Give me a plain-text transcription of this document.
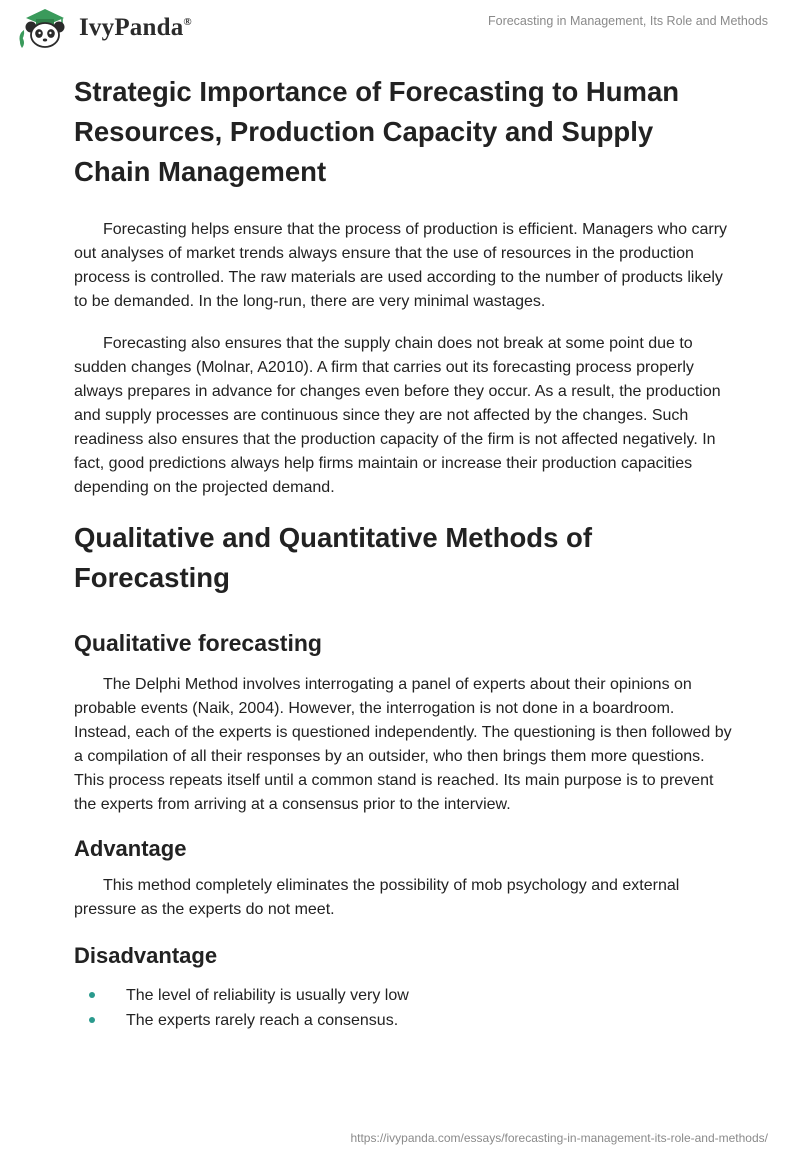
IvyPanda®	Forecasting in Management, Its Role and Methods
Strategic Importance of Forecasting to Human Resources, Production Capacity and Supply Chain Management

Forecasting helps ensure that the process of production is efficient. Managers who carry out analyses of market trends always ensure that the use of resources in the production process is controlled. The raw materials are used according to the number of products likely to be demanded. In the long-run, there are very minimal wastages.

Forecasting also ensures that the supply chain does not break at some point due to sudden changes (Molnar, A2010). A firm that carries out its forecasting process properly always prepares in advance for changes even before they occur. As a result, the production and supply processes are continuous since they are not affected by the changes. Such readiness also ensures that the production capacity of the firm is not affected negatively. In fact, good predictions always help firms maintain or increase their production capacities depending on the projected demand.

Qualitative and Quantitative Methods of Forecasting
Qualitative forecasting

The Delphi Method involves interrogating a panel of experts about their opinions on probable events (Naik, 2004). However, the interrogation is not done in a boardroom. Instead, each of the experts is questioned independently. The questioning is then followed by a compilation of all their responses by an outsider, who then brings them more questions. This process repeats itself until a common stand is reached. Its main purpose is to prevent the experts from arriving at a consensus prior to the interview.

Advantage

This method completely eliminates the possibility of mob psychology and external pressure as the experts do not meet.

Disadvantage
The level of reliability is usually very low
The experts rarely reach a consensus.
https://ivypanda.com/essays/forecasting-in-management-its-role-and-methods/
